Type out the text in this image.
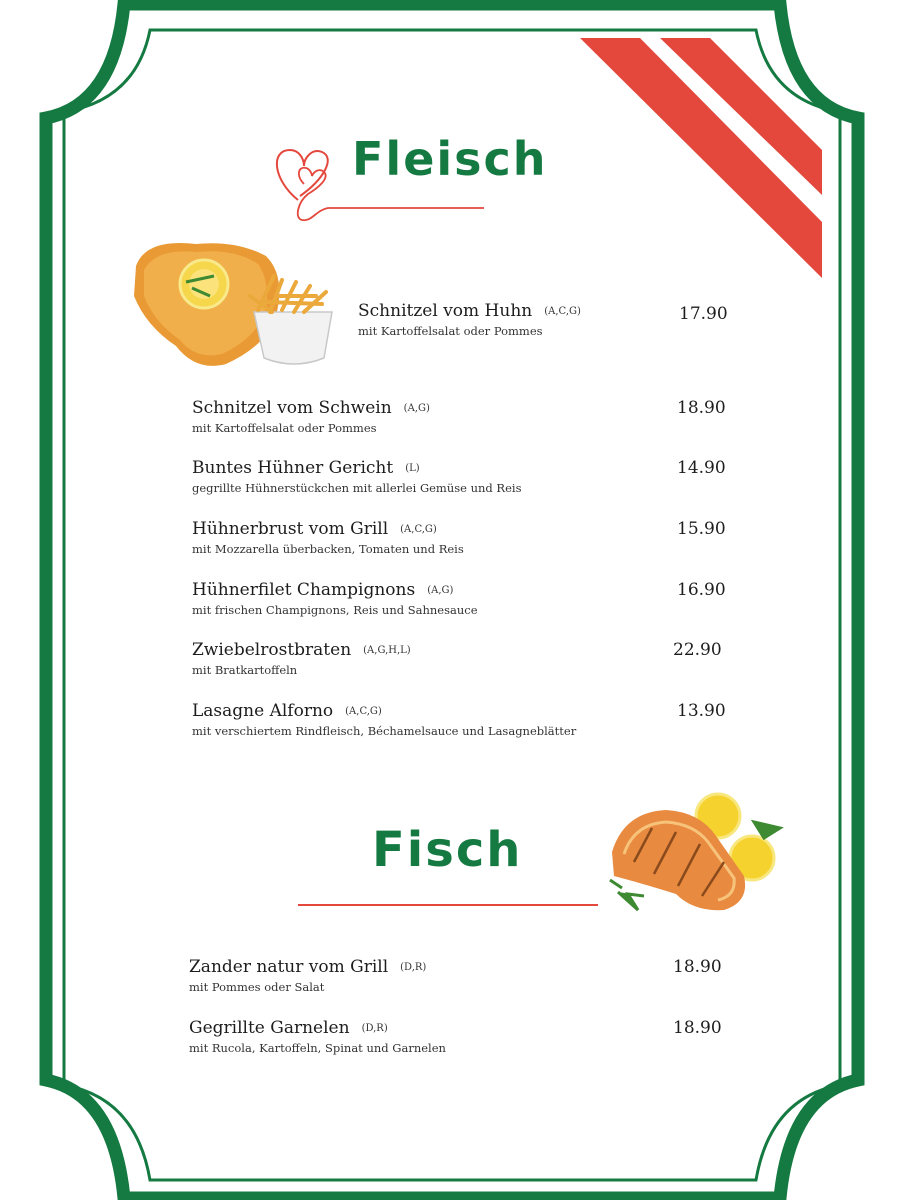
Fleisch
Schnitzel vom Huhn (A,C,G)
mit Kartoffelsalat oder Pommes
17.90
Schnitzel vom Schwein (A,G)
mit Kartoffelsalat oder Pommes
18.90
Buntes Hühner Gericht (L)
gegrillte Hühnerstückchen mit allerlei Gemüse und Reis
14.90
Hühnerbrust vom Grill (A,C,G)
mit Mozzarella überbacken, Tomaten und Reis
15.90
Hühnerfilet Champignons (A,G)
mit frischen Champignons, Reis und Sahnesauce
16.90
Zwiebelrostbraten (A,G,H,L)
mit Bratkartoffeln
22.90
Lasagne Alforno (A,C,G)
mit verschiertem Rindfleisch, Béchamelsauce und Lasagneblätter
13.90
Fisch
Zander natur vom Grill (D,R)
mit Pommes oder Salat
18.90
Gegrillte Garnelen (D,R)
mit Rucola, Kartoffeln, Spinat und Garnelen
18.90
